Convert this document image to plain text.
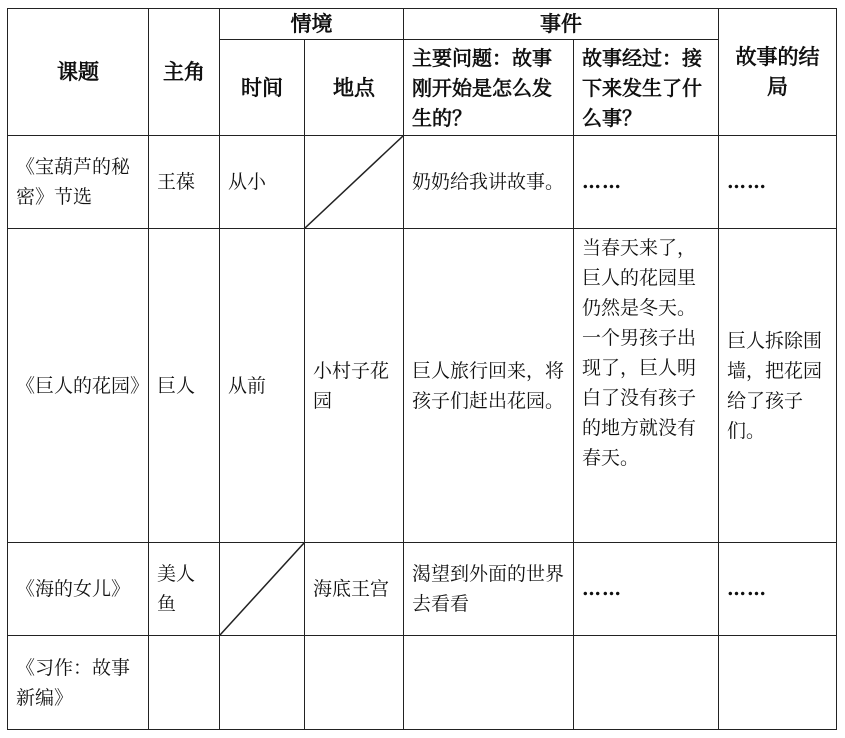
课题	主角	情境		事件		故事的结局
		时间	地点	主要问题：故事刚开始是怎么发生的？	故事经过：接下来发生了什么事？	
《宝葫芦的秘密》节选	王葆	从小		奶奶给我讲故事。	……	……
《巨人的花园》	巨人	从前	小村子花园	巨人旅行回来，将孩子们赶出花园。	当春天来了，巨人的花园里仍然是冬天。一个男孩子出现了，巨人明白了没有孩子的地方就没有春天。	巨人拆除围墙，把花园给了孩子们。
《海的女儿》	美人鱼		海底王宫	渴望到外面的世界去看看	……	……
《习作：故事新编》						
